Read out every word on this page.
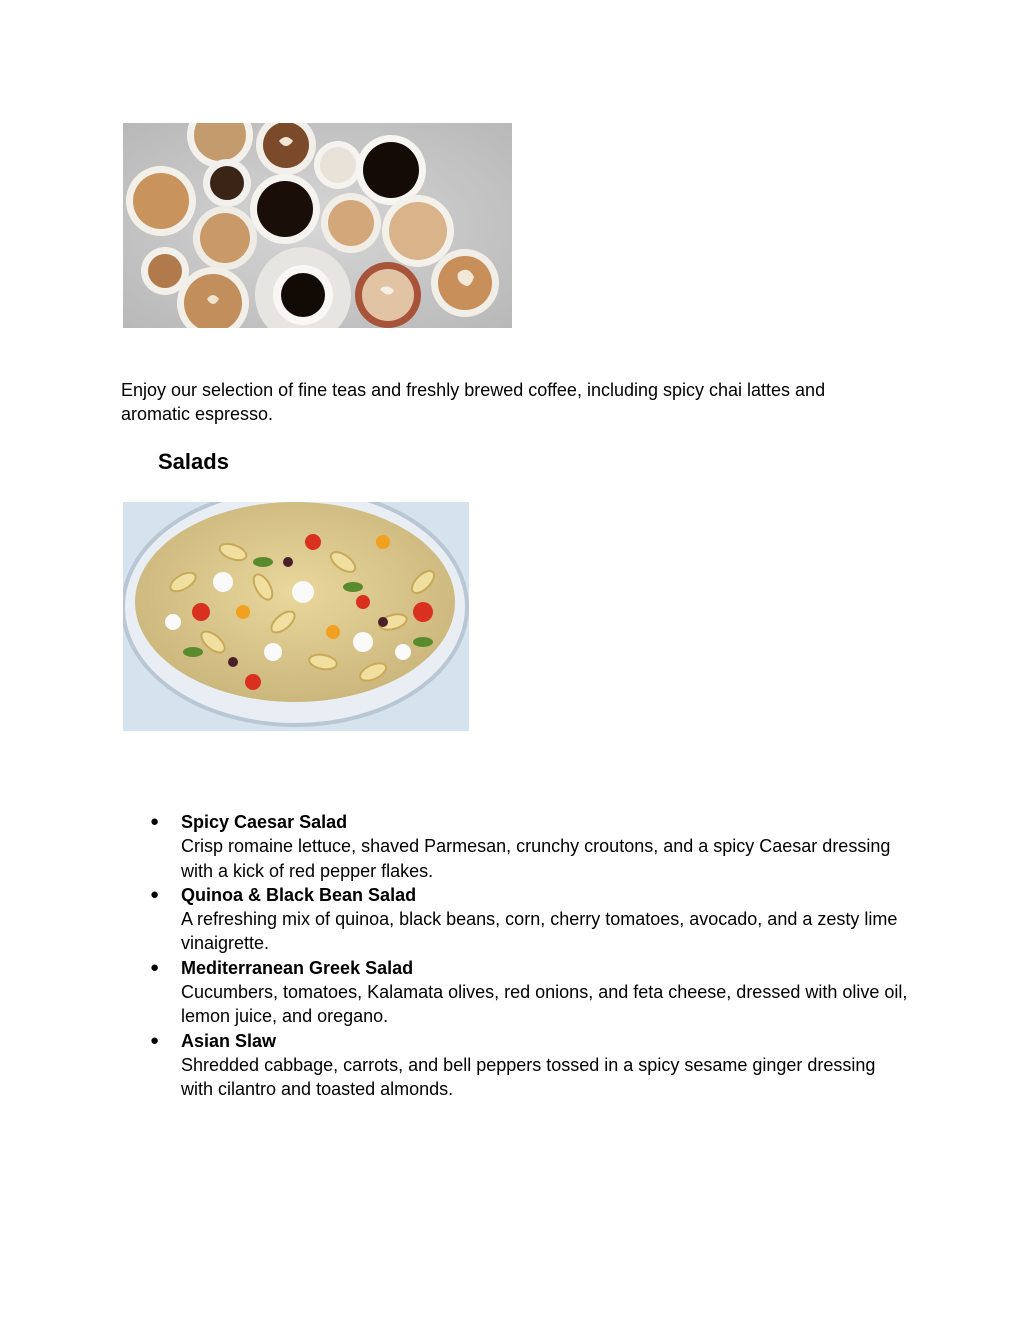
Enjoy our selection of fine teas and freshly brewed coffee, including spicy chai lattes and aromatic espresso.

Salads
● Spicy Caesar Salad
Crisp romaine lettuce, shaved Parmesan, crunchy croutons, and a spicy Caesar dressing with a kick of red pepper flakes.
● Quinoa & Black Bean Salad
A refreshing mix of quinoa, black beans, corn, cherry tomatoes, avocado, and a zesty lime vinaigrette.
● Mediterranean Greek Salad
Cucumbers, tomatoes, Kalamata olives, red onions, and feta cheese, dressed with olive oil, lemon juice, and oregano.
● Asian Slaw
Shredded cabbage, carrots, and bell peppers tossed in a spicy sesame ginger dressing with cilantro and toasted almonds.
